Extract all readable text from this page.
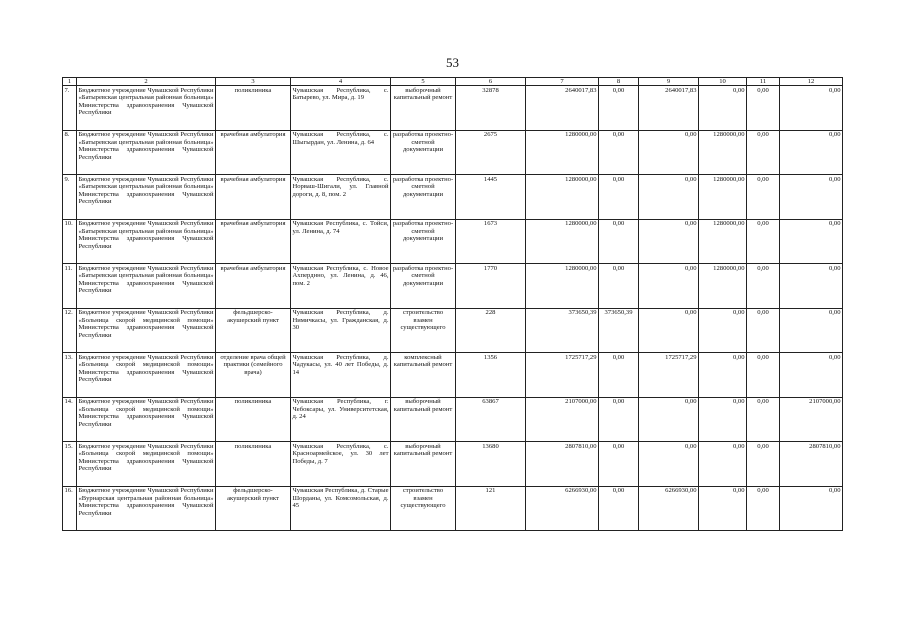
53
1	2	3	4	5	6	7	8	9	10	11	12
7.	Бюджетное учреждение Чувашской Республики «Батыревская центральная районная больница» Министерства здравоохранения Чувашской Республики	поликлиника	Чувашская Республика, с. Батырево, ул. Мира, д. 19	выборочный капитальный ремонт	32878	2640017,83	0,00	2640017,83	0,00	0,00	0,00
8.	Бюджетное учреждение Чувашской Республики «Батыревская центральная районная больница» Министерства здравоохранения Чувашской Республики	врачебная амбулатория	Чувашская Республика, с. Шыгырдан, ул. Ленина, д. 64	разработка проектно-сметной документации	2675	1280000,00	0,00	0,00	1280000,00	0,00	0,00
9.	Бюджетное учреждение Чувашской Республики «Батыревская центральная районная больница» Министерства здравоохранения Чувашской Республики	врачебная амбулатория	Чувашская Республика, с. Норваш-Шигали, ул. Главной дороги, д. 8, пом. 2	разработка проектно-сметной документации	1445	1280000,00	0,00	0,00	1280000,00	0,00	0,00
10.	Бюджетное учреждение Чувашской Республики «Батыревская центральная районная больница» Министерства здравоохранения Чувашской Республики	врачебная амбулатория	Чувашская Республика, с. Тойси, ул. Ленина, д. 74	разработка проектно-сметной документации	1673	1280000,00	0,00	0,00	1280000,00	0,00	0,00
11.	Бюджетное учреждение Чувашской Республики «Батыревская центральная районная больница» Министерства здравоохранения Чувашской Республики	врачебная амбулатория	Чувашская Республика, с. Новое Ахперднно, ул. Ленина, д. 46, пом. 2	разработка проектно-сметной документации	1770	1280000,00	0,00	0,00	1280000,00	0,00	0,00
12.	Бюджетное учреждение Чувашской Республики «Больница скорой медицинской помощи» Министерства здравоохранения Чувашской Республики	фельдшерско-акушерский пункт	Чувашская Республика, д. Нимичкасы, ул. Гражданская, д. 30	строительство взамен существующего	228	373650,39	373650,39	0,00	0,00	0,00	0,00
13.	Бюджетное учреждение Чувашской Республики «Больница скорой медицинской помощи» Министерства здравоохранения Чувашской Республики	отделение врача общей практики (семейного врача)	Чувашская Республика, д. Чадукасы, ул. 40 лет Победы, д. 14	комплексный капитальный ремонт	1356	1725717,29	0,00	1725717,29	0,00	0,00	0,00
14.	Бюджетное учреждение Чувашской Республики «Больница скорой медицинской помощи» Министерства здравоохранения Чувашской Республики	поликлиника	Чувашская Республика, г. Чебоксары, ул. Университетская, д. 24	выборочный капитальный ремонт	63867	2107000,00	0,00	0,00	0,00	0,00	2107000,00
15.	Бюджетное учреждение Чувашской Республики «Больница скорой медицинской помощи» Министерства здравоохранения Чувашской Республики	поликлиника	Чувашская Республика, с. Красноармейское, ул. 30 лет Победы, д. 7	выборочный капитальный ремонт	13680	2807810,00	0,00	0,00	0,00	0,00	2807810,00
16.	Бюджетное учреждение Чувашской Республики «Вурнарская центральная районная больница» Министерства здравоохранения Чувашской Республики	фельдшерско-акушерский пункт	Чувашская Республика, д. Старые Шорданы, ул. Комсомольская, д. 45	строительство взамен существующего	121	6266930,00	0,00	6266930,00	0,00	0,00	0,00
